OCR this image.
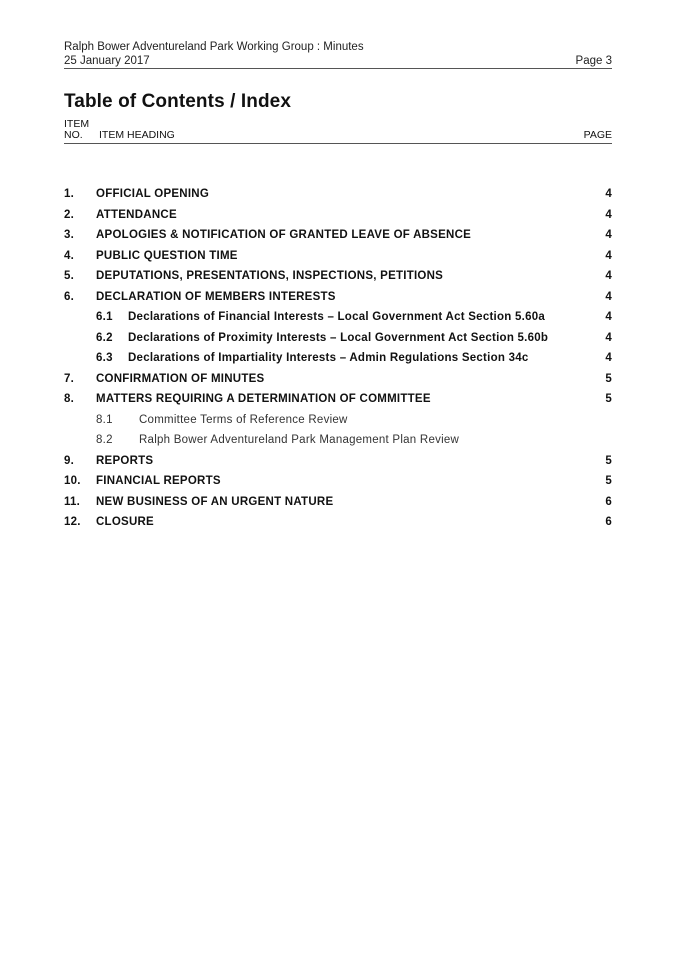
Ralph Bower Adventureland Park Working Group : Minutes
25 January 2017	Page 3
Table of Contents / Index
ITEM
NO. ITEM HEADING	PAGE
1. OFFICIAL OPENING	4
2. ATTENDANCE	4
3. APOLOGIES & NOTIFICATION OF GRANTED LEAVE OF ABSENCE	4
4. PUBLIC QUESTION TIME	4
5. DEPUTATIONS, PRESENTATIONS, INSPECTIONS, PETITIONS	4
6. DECLARATION OF MEMBERS INTERESTS	4
6.1 Declarations of Financial Interests – Local Government Act Section 5.60a	4
6.2 Declarations of Proximity Interests – Local Government Act Section 5.60b	4
6.3 Declarations of Impartiality Interests – Admin Regulations Section 34c	4
7. CONFIRMATION OF MINUTES	5
8. MATTERS REQUIRING A DETERMINATION OF COMMITTEE	5
8.1 Committee Terms of Reference Review
8.2 Ralph Bower Adventureland Park Management Plan Review
9. REPORTS	5
10. FINANCIAL REPORTS	5
11. NEW BUSINESS OF AN URGENT NATURE	6
12. CLOSURE	6
